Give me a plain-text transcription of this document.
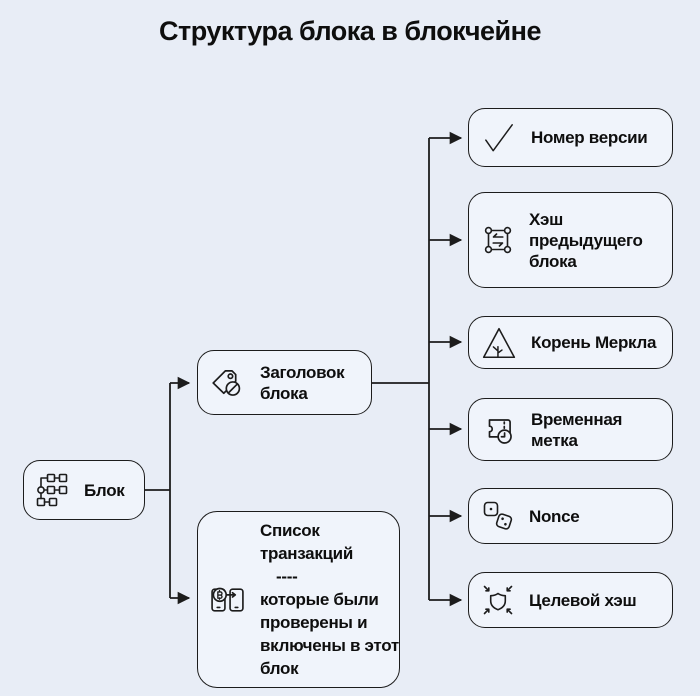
Структура блока в блокчейне
Блок
Заголовок блока
Список транзакций
----
которые были проверены и включены в этот блок
Номер версии
Хэш предыдущего блока
Корень Меркла
Временная метка
Nonce
Целевой хэш
